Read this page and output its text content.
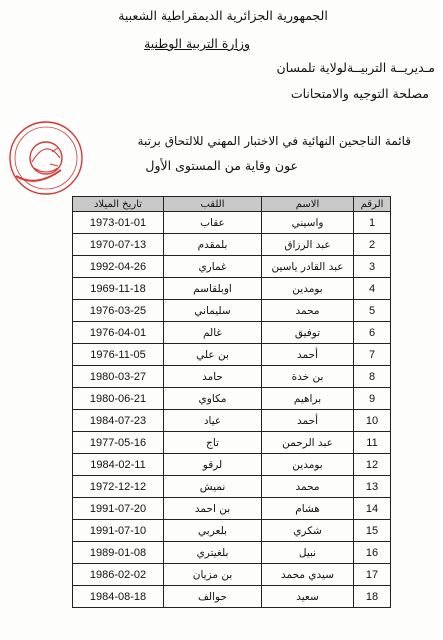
الجمهورية الجزائرية الديمقراطية الشعبية
وزارة التربية الوطنية
مـديريــة التربيــةلولاية تلمسان
مصلحة التوجيه والامتحانات
قائمة الناجحين النهائية في الاختبار المهني للالتحاق برتبة
عون وقاية من المستوى الأول
الرقم	الاسم	اللقب	تاريخ الميلاد
1	واسيني	عقاب	1973-01-01
2	عبد الرزاق	بلمقدم	1970-07-13
3	عبد القادر ياسين	غماري	1992-04-26
4	بومدين	اوبلقاسم	1969-11-18
5	محمد	سليماني	1976-03-25
6	توفيق	غالم	1976-04-01
7	أحمد	بن علي	1976-11-05
8	بن خدة	حامد	1980-03-27
9	براهيم	مكاوي	1980-06-21
10	أحمد	عياد	1984-07-23
11	عبد الرحمن	تاج	1977-05-16
12	بومدين	لرقو	1984-02-11
13	محمد	نميش	1972-12-12
14	هشام	بن احمد	1991-07-20
15	شكري	بلعربي	1991-07-10
16	نبيل	بلغيتري	1989-01-08
17	سيدي محمد	بن مزيان	1986-02-02
18	سعيد	حوالف	1984-08-18
